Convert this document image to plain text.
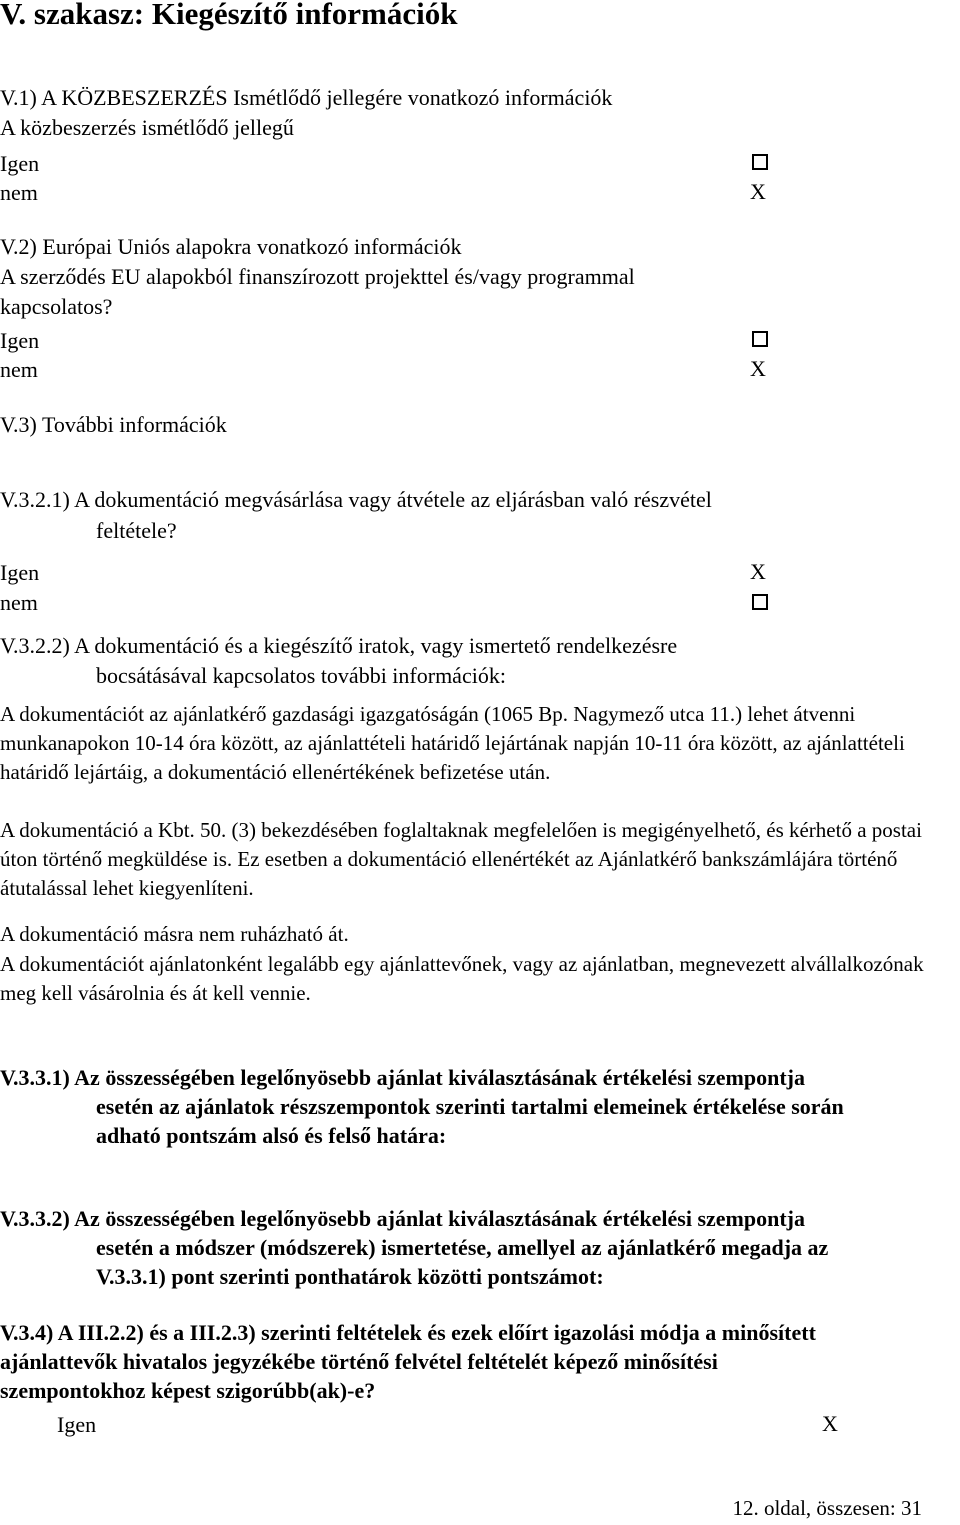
V. szakasz: Kiegészítő információk
V.1) A KÖZBESZERZÉS Ismétlődő jellegére vonatkozó információk
A közbeszerzés ismétlődő jellegű
Igen
nem	X
V.2) Európai Uniós alapokra vonatkozó információk
A szerződés EU alapokból finanszírozott projekttel és/vagy programmal
kapcsolatos?
Igen
nem	X
V.3) További információk
V.3.2.1) A dokumentáció megvásárlása vagy átvétele az eljárásban való részvétel
feltétele?
Igen	X
nem
V.3.2.2) A dokumentáció és a kiegészítő iratok, vagy ismertető rendelkezésre
bocsátásával kapcsolatos további információk:
A dokumentációt az ajánlatkérő gazdasági igazgatóságán (1065 Bp. Nagymező utca 11.) lehet átvenni munkanapokon 10-14 óra között, az ajánlattételi határidő lejártának napján 10-11 óra között, az ajánlattételi határidő lejártáig, a dokumentáció ellenértékének befizetése után.
A dokumentáció a Kbt. 50. (3) bekezdésében foglaltaknak megfelelően is megigényelhető, és kérhető a postai úton történő megküldése is. Ez esetben a dokumentáció ellenértékét az Ajánlatkérő bankszámlájára történő átutalással lehet kiegyenlíteni.
A dokumentáció másra nem ruházható át.
A dokumentációt ajánlatonként legalább egy ajánlattevőnek, vagy az ajánlatban, megnevezett alvállalkozónak meg kell vásárolnia és át kell vennie.
V.3.3.1) Az összességében legelőnyösebb ajánlat kiválasztásának értékelési szempontja
esetén az ajánlatok részszempontok szerinti tartalmi elemeinek értékelése során
adható pontszám alsó és felső határa:
V.3.3.2) Az összességében legelőnyösebb ajánlat kiválasztásának értékelési szempontja
esetén a módszer (módszerek) ismertetése, amellyel az ajánlatkérő megadja az
V.3.3.1) pont szerinti ponthatárok közötti pontszámot:
V.3.4) A III.2.2) és a III.2.3) szerinti feltételek és ezek előírt igazolási módja a minősített
ajánlattevők hivatalos jegyzékébe történő felvétel feltételét képező minősítési
szempontokhoz képest szigorúbb(ak)-e?
Igen	X
12. oldal, összesen: 31
